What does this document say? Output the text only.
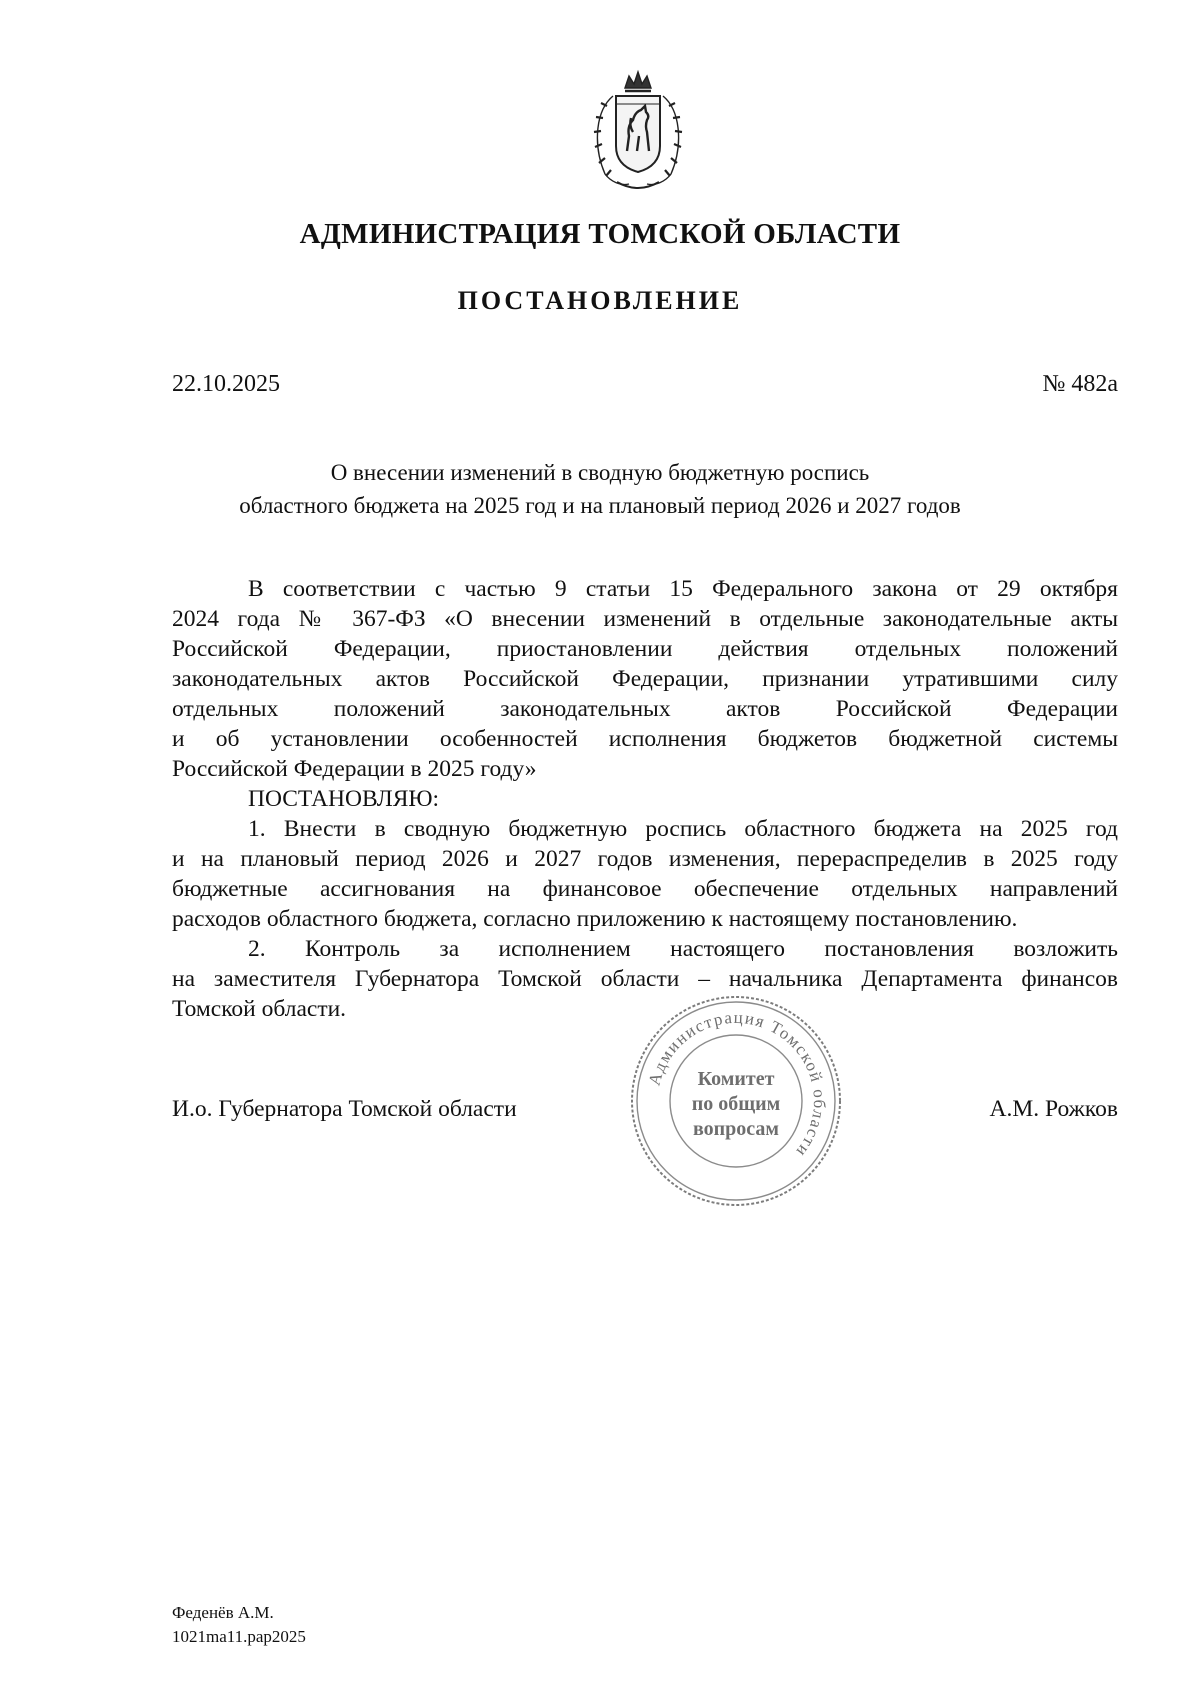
АДМИНИСТРАЦИЯ ТОМСКОЙ ОБЛАСТИ
ПОСТАНОВЛЕНИЕ
22.10.2025	№ 482а
О внесении изменений в сводную бюджетную роспись
областного бюджета на 2025 год и на плановый период 2026 и 2027 годов
В соответствии с частью 9 статьи 15 Федерального закона от 29 октября
2024 года № 367-ФЗ «О внесении изменений в отдельные законодательные акты
Российской Федерации, приостановлении действия отдельных положений
законодательных актов Российской Федерации, признании утратившими силу
отдельных положений законодательных актов Российской Федерации
и об установлении особенностей исполнения бюджетов бюджетной системы
Российской Федерации в 2025 году»
ПОСТАНОВЛЯЮ:
1. Внести в сводную бюджетную роспись областного бюджета на 2025 год
и на плановый период 2026 и 2027 годов изменения, перераспределив в 2025 году
бюджетные ассигнования на финансовое обеспечение отдельных направлений
расходов областного бюджета, согласно приложению к настоящему постановлению.
2. Контроль за исполнением настоящего постановления возложить
на заместителя Губернатора Томской области – начальника Департамента финансов
Томской области.
И.о. Губернатора Томской области	А.М. Рожков
Администрация Томской области
Комитет
по общим
вопросам
Феденёв А.М.
1021ma11.pap2025
